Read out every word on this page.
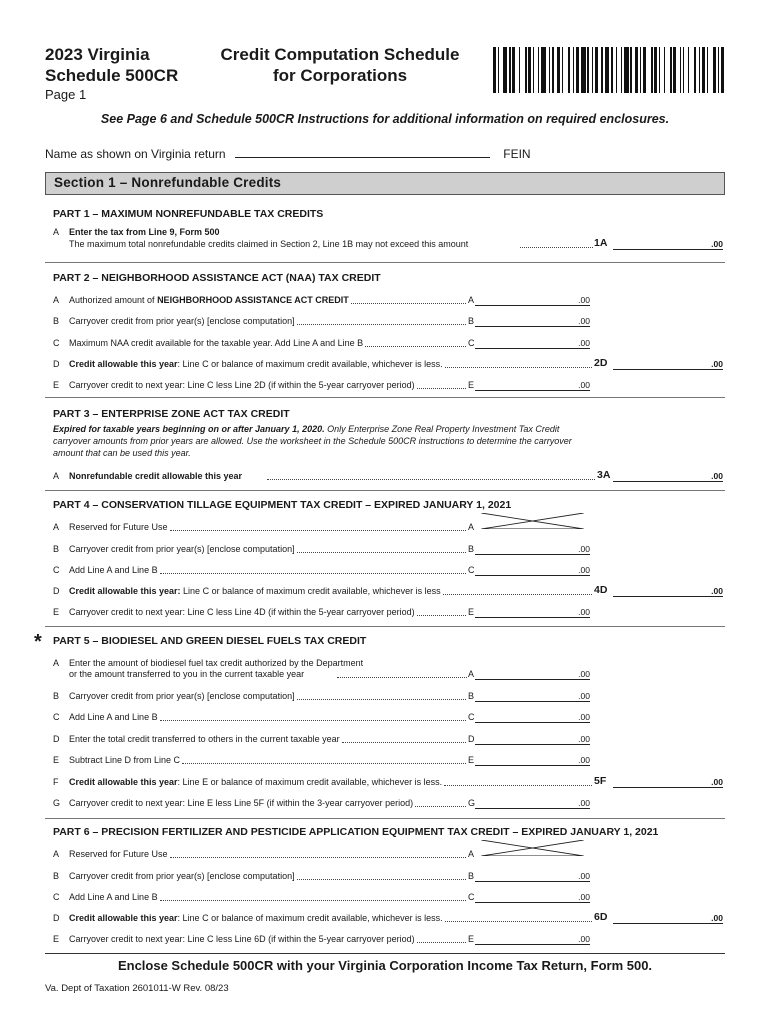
2023 Virginia
Schedule 500CR
Page 1
Credit Computation Schedule
for Corporations
See Page 6 and Schedule 500CR Instructions for additional information on required enclosures.
Name as shown on Virginia return	FEIN
Section 1 – Nonrefundable Credits
PART 1 – MAXIMUM NONREFUNDABLE TAX CREDITS
A Enter the tax from Line 9, Form 500
The maximum total nonrefundable credits claimed in Section 2, Line 1B may not exceed this amount	1A	.00
PART 2 – NEIGHBORHOOD ASSISTANCE ACT (NAA) TAX CREDIT
A Authorized amount of NEIGHBORHOOD ASSISTANCE ACT CREDIT	A	.00
B Carryover credit from prior year(s) [enclose computation]	B	.00
C Maximum NAA credit available for the taxable year. Add Line A and Line B	C	.00
D Credit allowable this year: Line C or balance of maximum credit available, whichever is less.	2D	.00
E Carryover credit to next year: Line C less Line 2D (if within the 5-year carryover period)	E	.00
PART 3 – ENTERPRISE ZONE ACT TAX CREDIT
Expired for taxable years beginning on or after January 1, 2020. Only Enterprise Zone Real Property Investment Tax Credit carryover amounts from prior years are allowed. Use the worksheet in the Schedule 500CR instructions to determine the carryover amount that can be used this year.
A Nonrefundable credit allowable this year	3A	.00
PART 4 – CONSERVATION TILLAGE EQUIPMENT TAX CREDIT – EXPIRED JANUARY 1, 2021
A Reserved for Future Use	A
B Carryover credit from prior year(s) [enclose computation]	B	.00
C Add Line A and Line B	C	.00
D Credit allowable this year: Line C or balance of maximum credit available, whichever is less	4D	.00
E Carryover credit to next year: Line C less Line 4D (if within the 5-year carryover period)	E	.00
* PART 5 – BIODIESEL AND GREEN DIESEL FUELS TAX CREDIT
A Enter the amount of biodiesel fuel tax credit authorized by the Department
or the amount transferred to you in the current taxable year	A	.00
B Carryover credit from prior year(s) [enclose computation]	B	.00
C Add Line A and Line B	C	.00
D Enter the total credit transferred to others in the current taxable year	D	.00
E Subtract Line D from Line C	E	.00
F Credit allowable this year: Line E or balance of maximum credit available, whichever is less.	5F	.00
G Carryover credit to next year: Line E less Line 5F (if within the 3-year carryover period)	G	.00
PART 6 – PRECISION FERTILIZER AND PESTICIDE APPLICATION EQUIPMENT TAX CREDIT – EXPIRED JANUARY 1, 2021
A Reserved for Future Use	A
B Carryover credit from prior year(s) [enclose computation]	B	.00
C Add Line A and Line B	C	.00
D Credit allowable this year: Line C or balance of maximum credit available, whichever is less.	6D	.00
E Carryover credit to next year: Line C less Line 6D (if within the 5-year carryover period)	E	.00
Enclose Schedule 500CR with your Virginia Corporation Income Tax Return, Form 500.
Va. Dept of Taxation 2601011-W Rev. 08/23
